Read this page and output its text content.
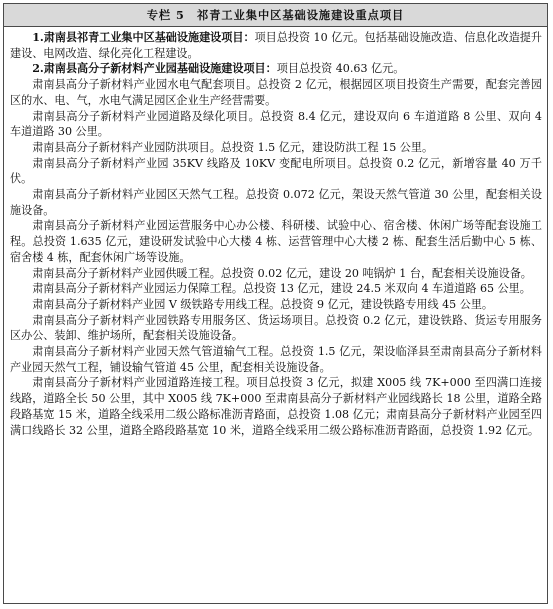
专栏 5　祁青工业集中区基础设施建设重点项目

1.肃南县祁青工业集中区基础设施建设项目：项目总投资 10 亿元。包括基础设施改造、信息化改造提升建设、电网改造、绿化亮化工程建设。

2.肃南县高分子新材料产业园基础设施建设项目：项目总投资 40.63 亿元。

肃南县高分子新材料产业园水电气配套项目。总投资 2 亿元，根据园区项目投资生产需要，配套完善园区的水、电、气，水电气满足园区企业生产经营需要。

肃南县高分子新材料产业园道路及绿化项目。总投资 8.4 亿元，建设双向 6 车道道路 8 公里、双向 4 车道道路 30 公里。

肃南县高分子新材料产业园防洪项目。总投资 1.5 亿元，建设防洪工程 15 公里。

肃南县高分子新材料产业园 35KV 线路及 10KV 变配电所项目。总投资 0.2 亿元，新增容量 40 万千伏。

肃南县高分子新材料产业园区天然气工程。总投资 0.072 亿元，架设天然气管道 30 公里，配套相关设施设备。

肃南县高分子新材料产业园运营服务中心办公楼、科研楼、试验中心、宿舍楼、休闲广场等配套设施工程。总投资 1.635 亿元，建设研发试验中心大楼 4 栋、运营管理中心大楼 2 栋、配套生活后勤中心 5 栋、宿舍楼 4 栋，配套休闲广场等设施。

肃南县高分子新材料产业园供暖工程。总投资 0.02 亿元，建设 20 吨锅炉 1 台，配套相关设施设备。

肃南县高分子新材料产业园运力保障工程。总投资 13 亿元，建设 24.5 米双向 4 车道道路 65 公里。

肃南县高分子新材料产业园 Ⅴ 级铁路专用线工程。总投资 9 亿元，建设铁路专用线 45 公里。

肃南县高分子新材料产业园铁路专用服务区、货运场项目。总投资 0.2 亿元，建设铁路、货运专用服务区办公、装卸、维护场所，配套相关设施设备。

肃南县高分子新材料产业园天然气管道输气工程。总投资 1.5 亿元，架设临泽县至肃南县高分子新材料产业园天然气工程，铺设输气管道 45 公里，配套相关设施设备。

肃南县高分子新材料产业园道路连接工程。项目总投资 3 亿元，拟建 X005 线 7K+000 至四满口连接线路，道路全长 50 公里，其中 X005 线 7K+000 至肃南县高分子新材料产业园线路长 18 公里，道路全路段路基宽 15 米，道路全线采用二级公路标准沥青路面，总投资 1.08 亿元；肃南县高分子新材料产业园至四满口线路长 32 公里，道路全路段路基宽 10 米，道路全线采用二级公路标准沥青路面，总投资 1.92 亿元。
